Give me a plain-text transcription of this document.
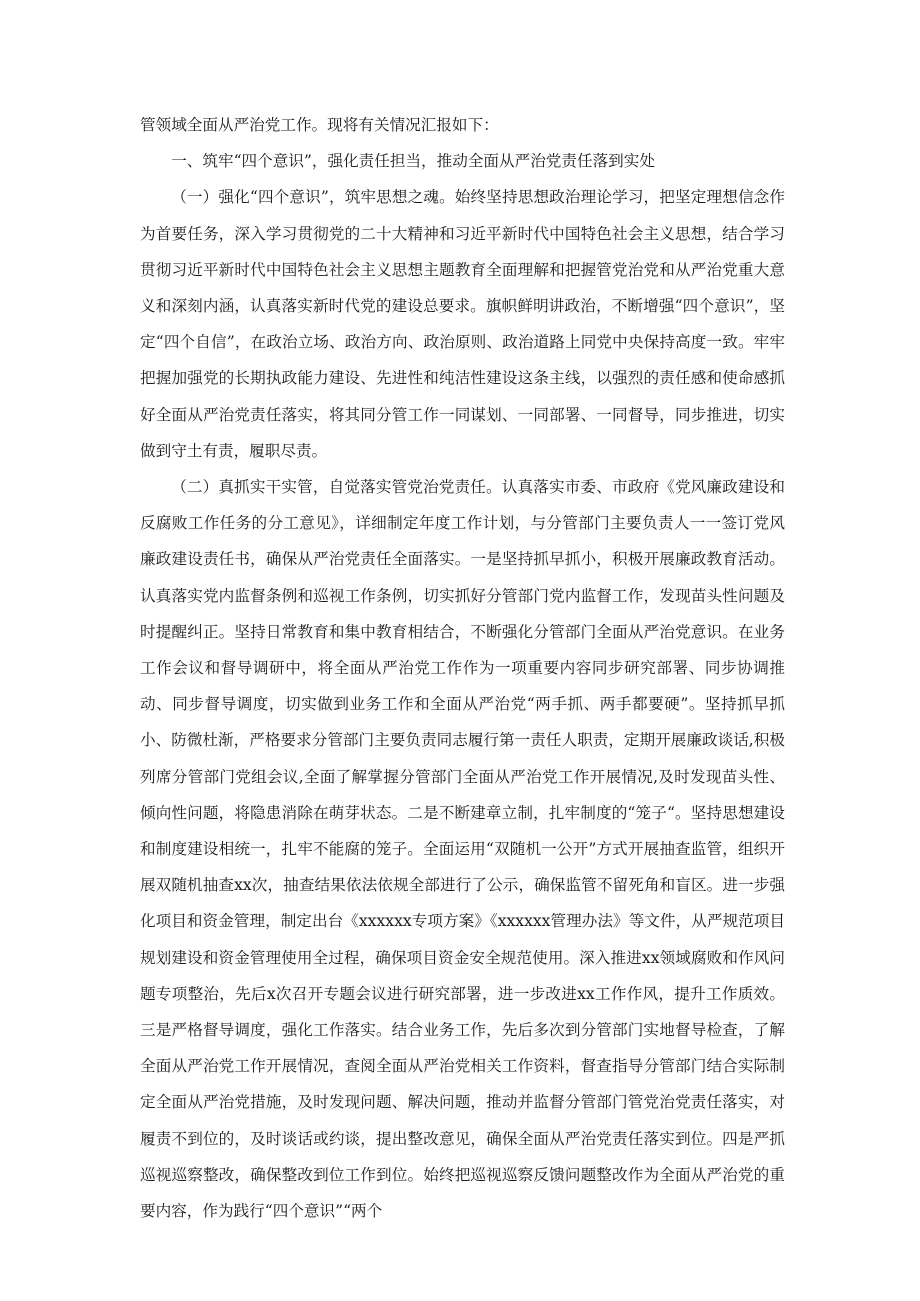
管领域全面从严治党工作。现将有关情况汇报如下：

一、筑牢“四个意识”，强化责任担当，推动全面从严治党责任落到实处

（一）强化“四个意识”，筑牢思想之魂。始终坚持思想政治理论学习，把坚定理想信念作为首要任务，深入学习贯彻党的二十大精神和习近平新时代中国特色社会主义思想，结合学习贯彻习近平新时代中国特色社会主义思想主题教育全面理解和把握管党治党和从严治党重大意义和深刻内涵，认真落实新时代党的建设总要求。旗帜鲜明讲政治，不断增强“四个意识”，坚定“四个自信”，在政治立场、政治方向、政治原则、政治道路上同党中央保持高度一致。牢牢把握加强党的长期执政能力建设、先进性和纯洁性建设这条主线，以强烈的责任感和使命感抓好全面从严治党责任落实，将其同分管工作一同谋划、一同部署、一同督导，同步推进，切实做到守土有责，履职尽责。

（二）真抓实干实管，自觉落实管党治党责任。认真落实市委、市政府《党风廉政建设和反腐败工作任务的分工意见》，详细制定年度工作计划，与分管部门主要负责人一一签订党风廉政建设责任书，确保从严治党责任全面落实。一是坚持抓早抓小，积极开展廉政教育活动。认真落实党内监督条例和巡视工作条例，切实抓好分管部门党内监督工作，发现苗头性问题及时提醒纠正。坚持日常教育和集中教育相结合，不断强化分管部门全面从严治党意识。在业务工作会议和督导调研中，将全面从严治党工作作为一项重要内容同步研究部署、同步协调推动、同步督导调度，切实做到业务工作和全面从严治党“两手抓、两手都要硬”。坚持抓早抓小、防微杜渐，严格要求分管部门主要负责同志履行第一责任人职责，定期开展廉政谈话,积极列席分管部门党组会议,全面了解掌握分管部门全面从严治党工作开展情况,及时发现苗头性、倾向性问题，将隐患消除在萌芽状态。二是不断建章立制，扎牢制度的“笼子“。坚持思想建设和制度建设相统一，扎牢不能腐的笼子。全面运用“双随机一公开”方式开展抽查监管，组织开展双随机抽查xx次，抽查结果依法依规全部进行了公示，确保监管不留死角和盲区。进一步强化项目和资金管理，制定出台《xxxxxx专项方案》《xxxxxx管理办法》等文件，从严规范项目规划建设和资金管理使用全过程，确保项目资金安全规范使用。深入推进xx领域腐败和作风问题专项整治，先后x次召开专题会议进行研究部署，进一步改进xx工作作风，提升工作质效。三是严格督导调度，强化工作落实。结合业务工作，先后多次到分管部门实地督导检查，了解全面从严治党工作开展情况，查阅全面从严治党相关工作资料，督查指导分管部门结合实际制定全面从严治党措施，及时发现问题、解决问题，推动并监督分管部门管党治党责任落实，对履责不到位的，及时谈话或约谈，提出整改意见，确保全面从严治党责任落实到位。四是严抓巡视巡察整改，确保整改到位工作到位。始终把巡视巡察反馈问题整改作为全面从严治党的重要内容，作为践行“四个意识”“两个
